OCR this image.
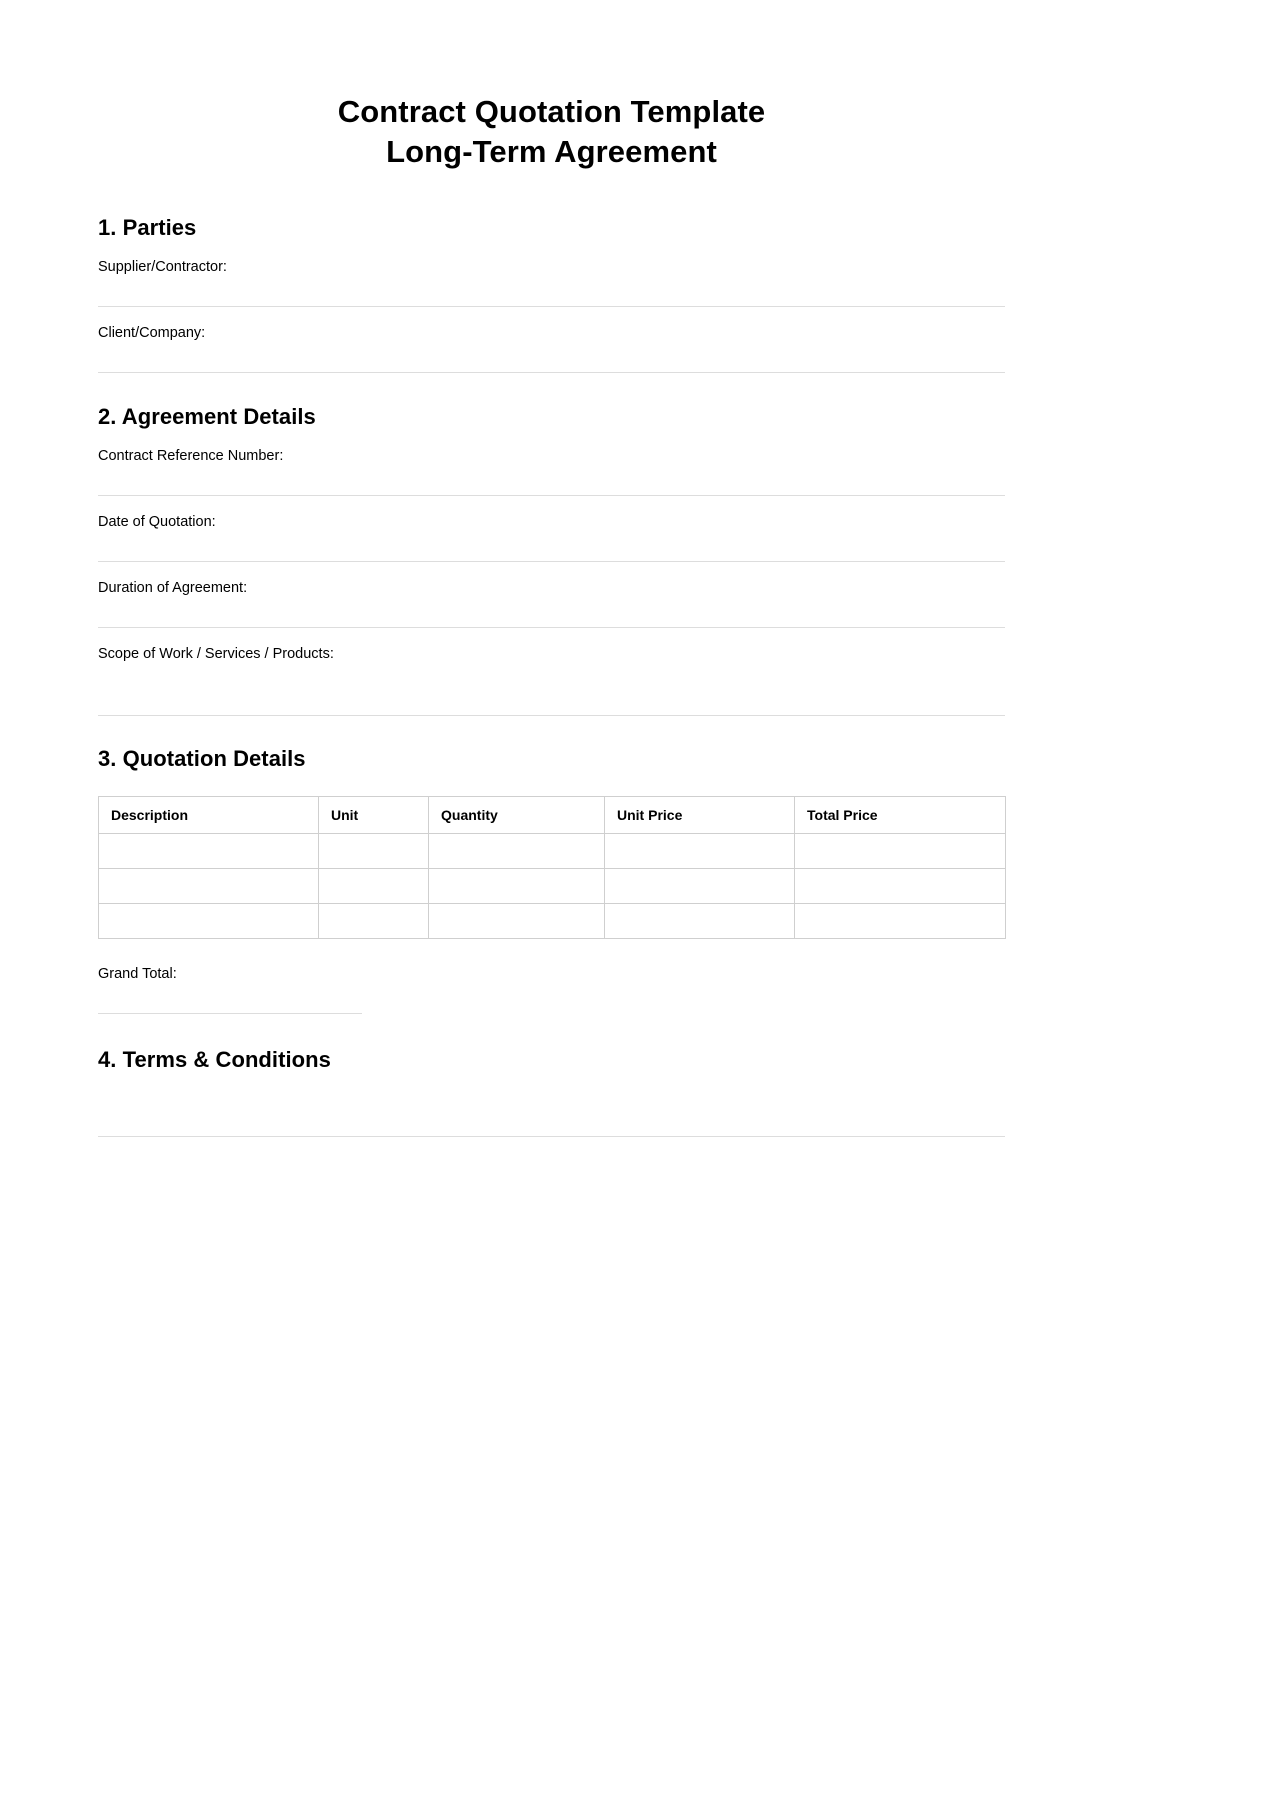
Contract Quotation Template
Long-Term Agreement
1. Parties
Supplier/Contractor:
Client/Company:
2. Agreement Details
Contract Reference Number:
Date of Quotation:
Duration of Agreement:
Scope of Work / Services / Products:
3. Quotation Details
Description	Unit	Quantity	Unit Price	Total Price

Grand Total:
4. Terms & Conditions
